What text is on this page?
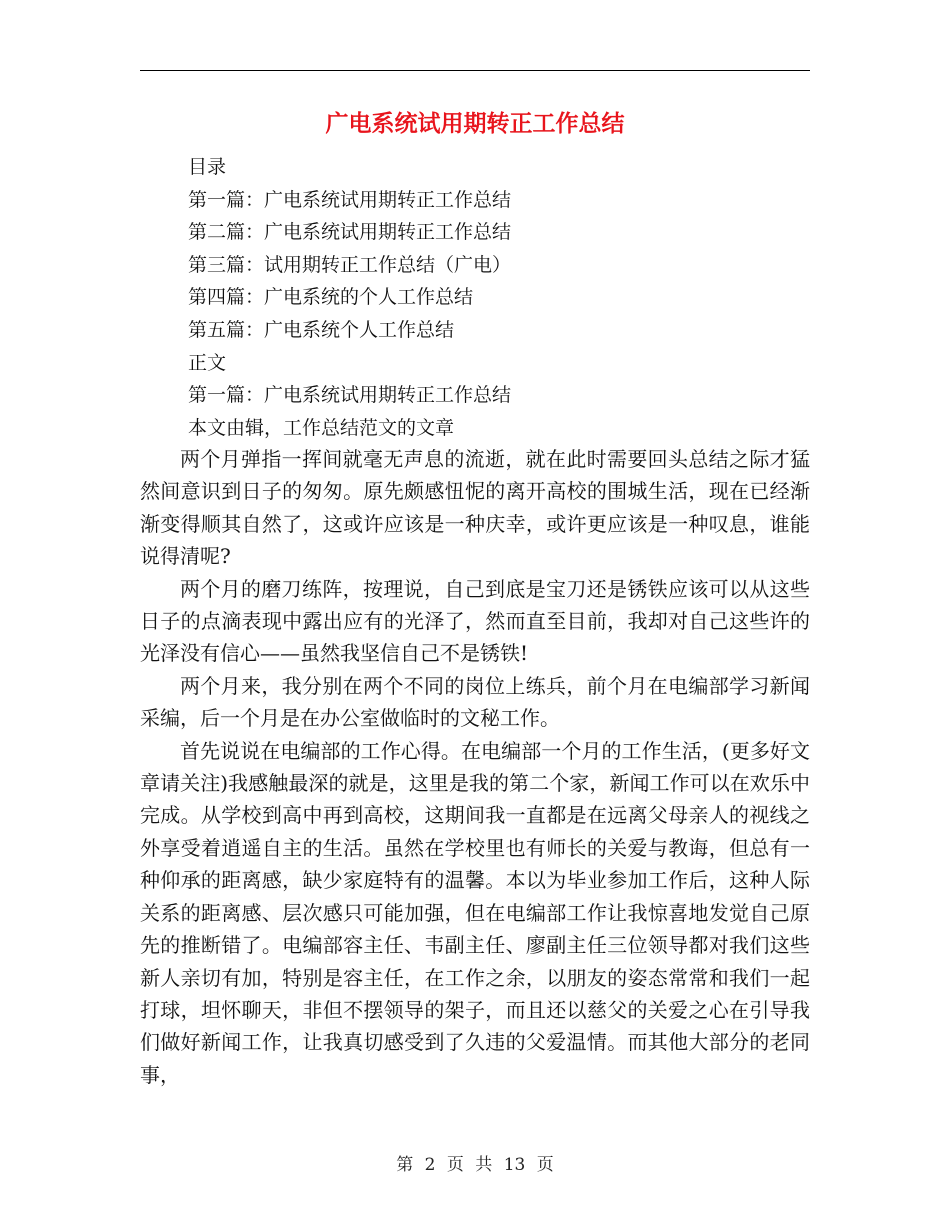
广电系统试用期转正工作总结
目录
第一篇：广电系统试用期转正工作总结
第二篇：广电系统试用期转正工作总结
第三篇：试用期转正工作总结（广电）
第四篇：广电系统的个人工作总结
第五篇：广电系统个人工作总结
正文
第一篇：广电系统试用期转正工作总结
本文由辑，工作总结范文的文章

两个月弹指一挥间就毫无声息的流逝，就在此时需要回头总结之际才猛然间意识到日子的匆匆。原先颇感忸怩的离开高校的围城生活，现在已经渐渐变得顺其自然了，这或许应该是一种庆幸，或许更应该是一种叹息，谁能说得清呢?

两个月的磨刀练阵，按理说，自己到底是宝刀还是锈铁应该可以从这些日子的点滴表现中露出应有的光泽了，然而直至目前，我却对自己这些许的光泽没有信心——虽然我坚信自己不是锈铁!

两个月来，我分别在两个不同的岗位上练兵，前个月在电编部学习新闻采编，后一个月是在办公室做临时的文秘工作。

首先说说在电编部的工作心得。在电编部一个月的工作生活，(更多好文章请关注)我感触最深的就是，这里是我的第二个家，新闻工作可以在欢乐中完成。从学校到高中再到高校，这期间我一直都是在远离父母亲人的视线之外享受着逍遥自主的生活。虽然在学校里也有师长的关爱与教诲，但总有一种仰承的距离感，缺少家庭特有的温馨。本以为毕业参加工作后，这种人际关系的距离感、层次感只可能加强，但在电编部工作让我惊喜地发觉自己原先的推断错了。电编部容主任、韦副主任、廖副主任三位领导都对我们这些新人亲切有加，特别是容主任，在工作之余，以朋友的姿态常常和我们一起打球，坦怀聊天，非但不摆领导的架子，而且还以慈父的关爱之心在引导我们做好新闻工作，让我真切感受到了久违的父爱温情。而其他大部分的老同事，

第 2 页 共 13 页
